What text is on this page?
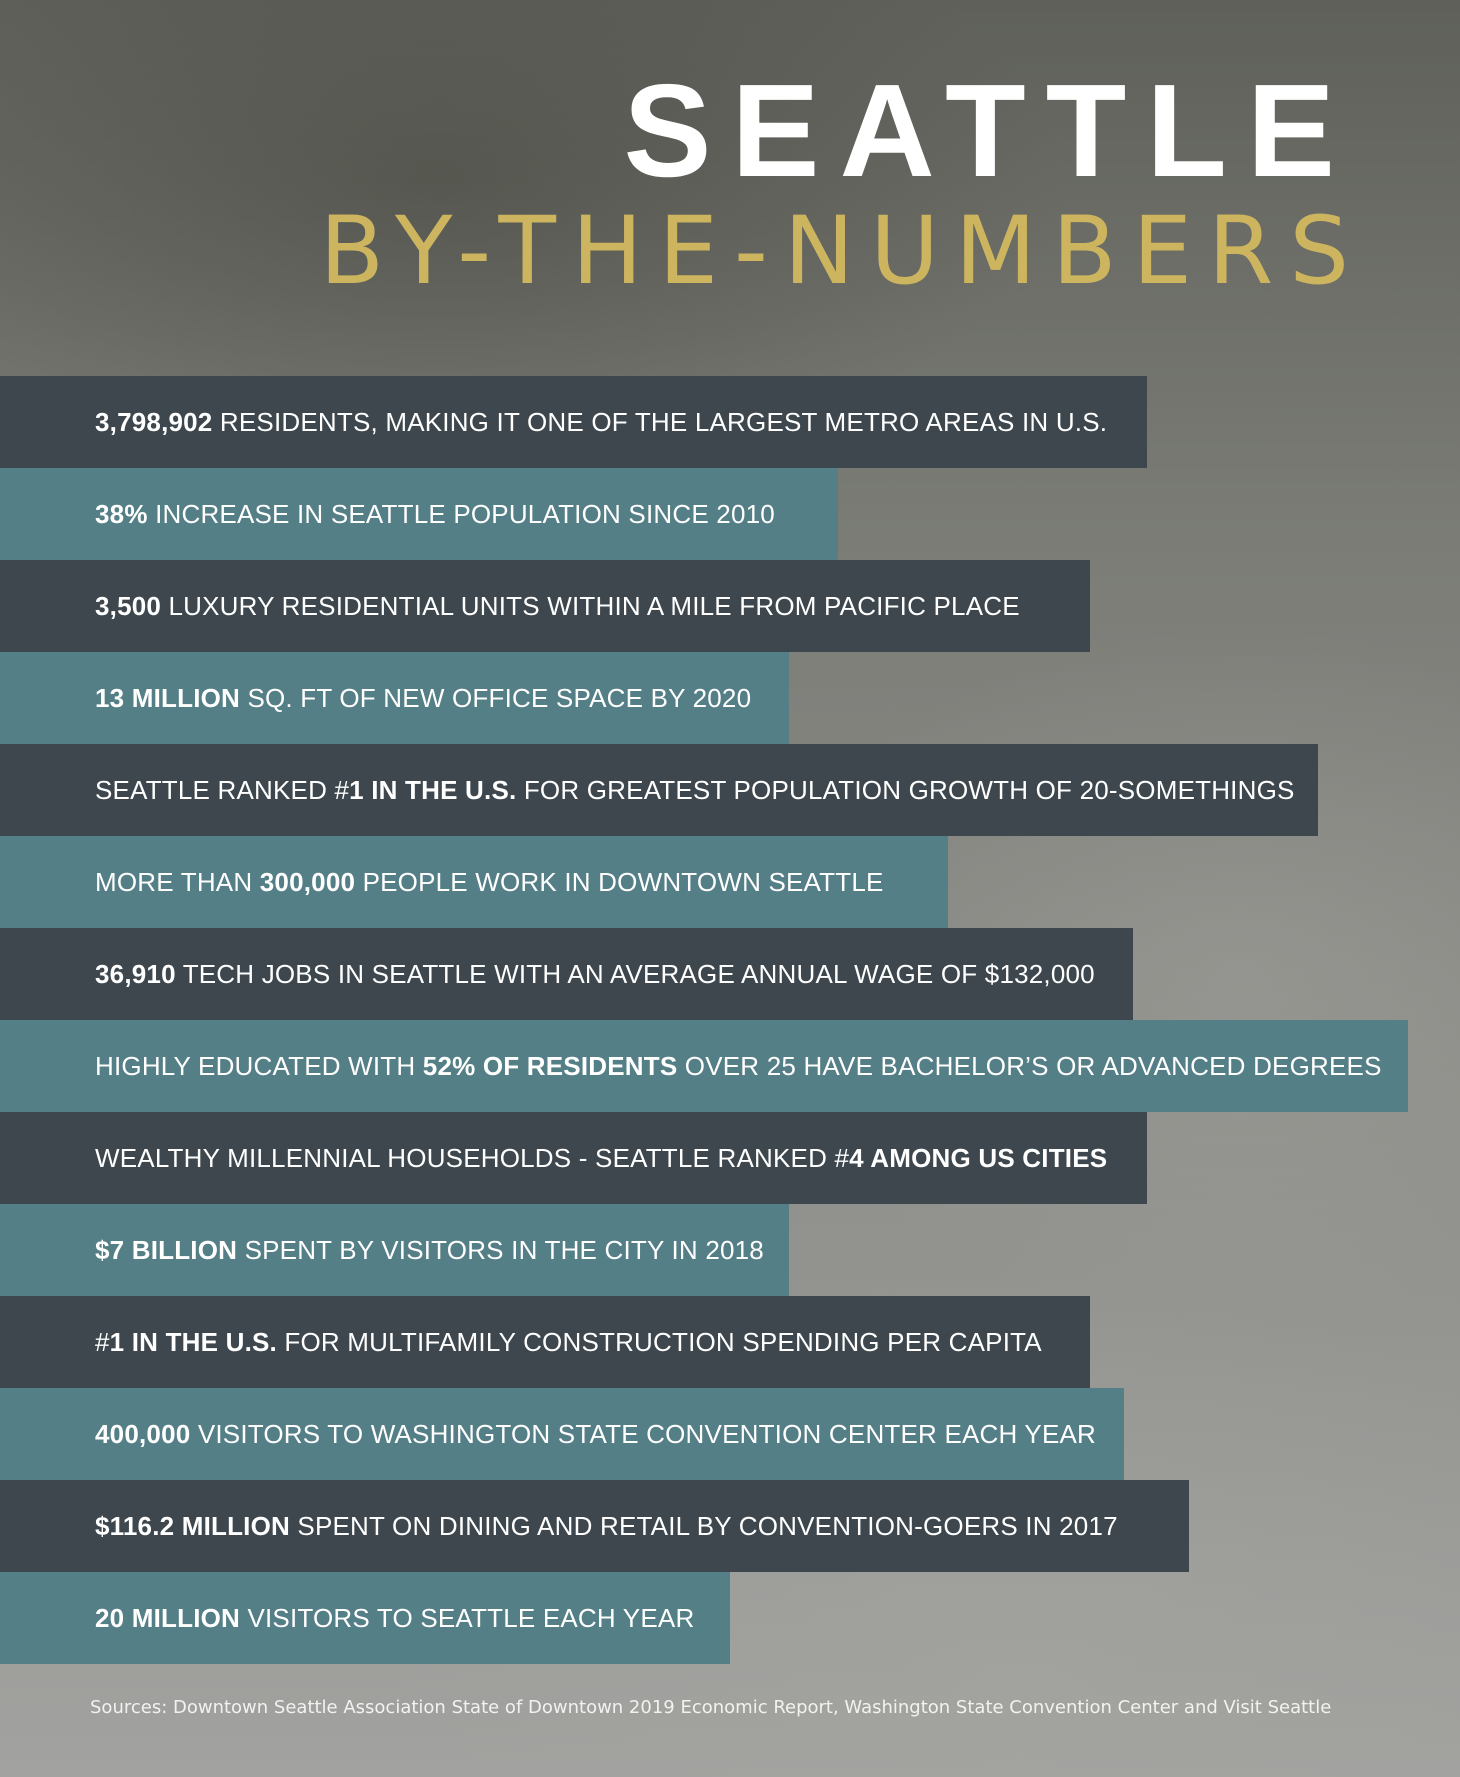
SEATTLE
BY-THE-NUMBERS
3,798,902 RESIDENTS, MAKING IT ONE OF THE LARGEST METRO AREAS IN U.S.
38% INCREASE IN SEATTLE POPULATION SINCE 2010
3,500 LUXURY RESIDENTIAL UNITS WITHIN A MILE FROM PACIFIC PLACE
13 MILLION SQ. FT OF NEW OFFICE SPACE BY 2020
SEATTLE RANKED # 1 IN THE U.S. FOR GREATEST POPULATION GROWTH OF 20-SOMETHINGS
MORE THAN 300,000 PEOPLE WORK IN DOWNTOWN SEATTLE
36,910 TECH JOBS IN SEATTLE WITH AN AVERAGE ANNUAL WAGE OF $132,000
HIGHLY EDUCATED WITH 52% OF RESIDENTS OVER 25 HAVE BACHELOR’S OR ADVANCED DEGREES
WEALTHY MILLENNIAL HOUSEHOLDS - SEATTLE RANKED # 4 AMONG US CITIES
$7 BILLION SPENT BY VISITORS IN THE CITY IN 2018
# 1 IN THE U.S. FOR MULTIFAMILY CONSTRUCTION SPENDING PER CAPITA
400,000 VISITORS TO WASHINGTON STATE CONVENTION CENTER EACH YEAR
$116.2 MILLION SPENT ON DINING AND RETAIL BY CONVENTION-GOERS IN 2017
20 MILLION VISITORS TO SEATTLE EACH YEAR

Sources: Downtown Seattle Association State of Downtown 2019 Economic Report, Washington State Convention Center and Visit Seattle
